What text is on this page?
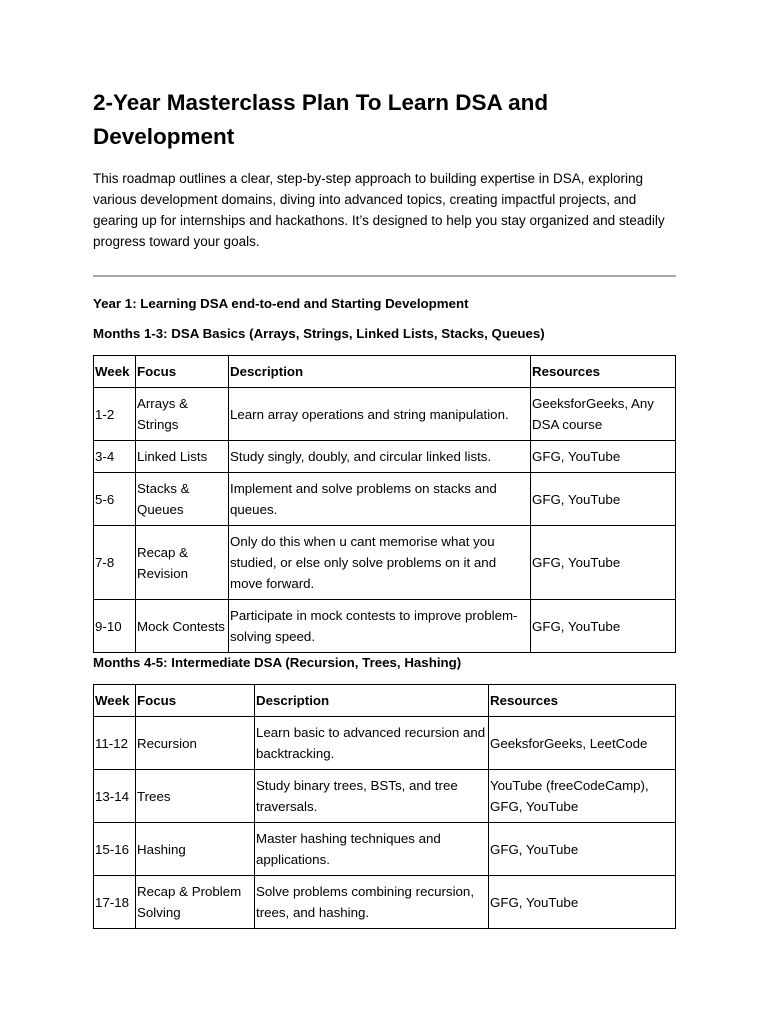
2-Year Masterclass Plan To Learn DSA and Development

This roadmap outlines a clear, step-by-step approach to building expertise in DSA, exploring various development domains, diving into advanced topics, creating impactful projects, and gearing up for internships and hackathons. It’s designed to help you stay organized and steadily progress toward your goals.

Year 1: Learning DSA end-to-end and Starting Development
Months 1-3: DSA Basics (Arrays, Strings, Linked Lists, Stacks, Queues)
Week	Focus	Description	Resources
1-2	Arrays & Strings	Learn array operations and string manipulation.	GeeksforGeeks, Any DSA course
3-4	Linked Lists	Study singly, doubly, and circular linked lists.	GFG, YouTube
5-6	Stacks & Queues	Implement and solve problems on stacks and queues.	GFG, YouTube
7-8	Recap & Revision	Only do this when u cant memorise what you studied, or else only solve problems on it and move forward.	GFG, YouTube
9-10	Mock Contests	Participate in mock contests to improve problem-solving speed.	GFG, YouTube
Months 4-5: Intermediate DSA (Recursion, Trees, Hashing)
Week	Focus	Description	Resources
11-12	Recursion	Learn basic to advanced recursion and backtracking.	GeeksforGeeks, LeetCode
13-14	Trees	Study binary trees, BSTs, and tree traversals.	YouTube (freeCodeCamp), GFG, YouTube
15-16	Hashing	Master hashing techniques and applications.	GFG, YouTube
17-18	Recap & Problem Solving	Solve problems combining recursion, trees, and hashing.	GFG, YouTube
